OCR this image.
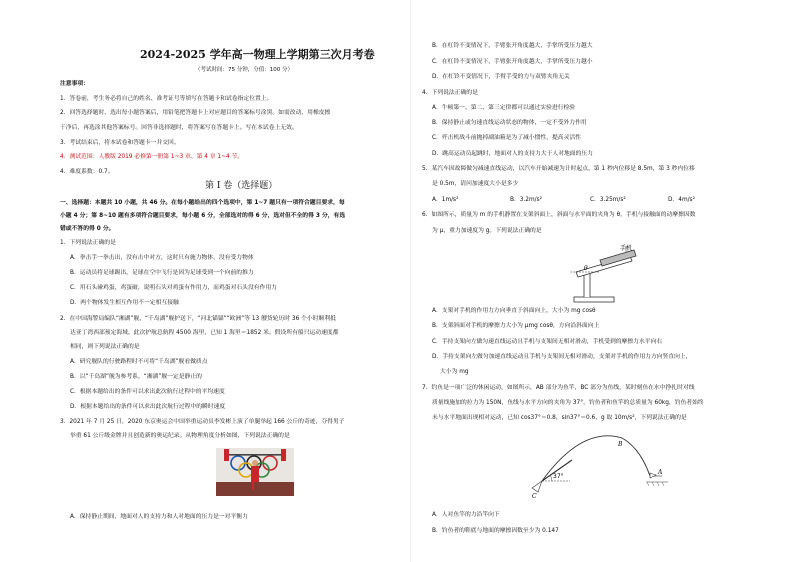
2024-2025 学年高一物理上学期第三次月考卷
（考试时间：75 分钟，分值：100 分）
注意事项：
1．答卷前，考生务必将自己的姓名、准考证号等填写在答题卡和试卷指定位置上。
2．回答选择题时，选出每小题答案后，用铅笔把答题卡上对应题目的答案标号涂黑。如需改动，用橡皮擦
干净后，再选涂其他答案标号。回答非选择题时，将答案写在答题卡上。写在本试卷上无效。
3．考试结束后，将本试卷和答题卡一并交回。
4．测试范围：人教版 2019 必修第一册第 1~3 章、第 4 章 1~4 节。
4．难度系数：0.7。
第 I 卷（选择题）
一、选择题：本题共 10 小题，共 46 分。在每小题给出的四个选项中，第 1~7 题只有一项符合题目要求，每
小题 4 分；第 8~10 题有多项符合题目要求，每小题 6 分，全部选对的得 6 分，选对但不全的得 3 分，有选
错或不答的得 0 分。
1．下列说法正确的是
A．拳击手一拳击出，没有击中对方，这时只有施力物体，没有受力物体
B．运动员将足球踢出，足球在空中飞行是因为足球受到一个向前的推力
C．用石头碰鸡蛋，鸡蛋破，说明石头对鸡蛋有作用力，而鸡蛋对石头没有作用力
D．两个物体发生相互作用不一定相互接触
2．在中国海警局编队“湘湖”舰、“千岛湖”舰护送下，“河北锚锚”“欧洲”等 13 艘货轮历时 36 个小时顺利抵
达亚丁湾西部预定海域。此次护航总航程 4500 海里，已知 1 海里＝1852 米。假设所有船只运动速度都
相同，则下列说法正确的是
A．研究舰队的行驶路程时不可将“千岛湖”舰看做质点
B．以“千岛湖”舰为参考系，“湘湖”舰一定是静止的
C．根据本题给出的条件可以求出此次航行过程中的平均速度
D．根据本题给出的条件可以求出此次航行过程中的瞬时速度
3．2021 年 7 月 25 日，2020 东京奥运会中国举重运动员李发彬上演了单腿举起 166 公斤的奇迹，夺得男子
举重 61 公斤级金牌并且创造新的奥运纪录。从物理角度分析如图，下列说法正确的是
A．保持静止期间，地面对人的支持力和人对地面的压力是一对平衡力
B．在杠铃不变情况下，手臂张开角度越大，手掌所受压力越大
C．在杠铃不变情况下，手臂张开角度越大，手掌所受压力越小
D．在杠铃不变情况下，手臂手受的力与双臂夹角无关
4．下列说法正确的是
A．牛顿第一、第二、第三定律都可以通过实验进行检验
B．保持静止或匀速直线运动状态的物体，一定不受外力作用
C．歼击机战斗前抛掉副油箱是为了减小惯性，提高灵活性
D．跳高运动员起跳时，地面对人的支持力大于人对地面的压力
5．某汽车因故障做匀减速直线运动，以汽车开始减速为计时起点，第 1 秒内位移是 8.5m，第 3 秒内位移
是 0.5m，请问加速度大小是多少
A．1m/s²	B．3.2m/s²	C．3.25m/s²	D．4m/s²
6．如图所示，质量为 m 的手机静置在支架斜面上，斜面与水平面的夹角为 θ，手机与接触面的动摩擦因数
为 μ，重力加速度为 g。下列说法正确的是
手机
θ
A．支架对手机的作用力方向垂直于斜面向上，大小为 mg cosθ
B．支架斜面对手机的摩擦力大小为 μmg cosθ，方向沿斜面向上
C．手持支架向左做匀速直线运动且手机与支架间无相对滑动，手机受到的摩擦力水平向右
D．手持支架向左做匀加速直线运动且手机与支架间无相对滑动，支架对手机的作用力方向竖直向上，
大小为 mg
7．钓鱼是一项广泛的休闲运动，如图所示，AB 部分为鱼竿，BC 部分为鱼线，某时刻鱼在水中挣扎时对线
质量线施加的拉力为 150N，鱼线与水平方向的夹角为 37°，钓鱼者和鱼竿的总质量为 60kg，钓鱼者始终
未与水平地面出现相对运动，已知 cos37°＝0.8，sin37°＝0.6，g 取 10m/s²，下列说法正确的是
37°
C
B
A
A．人对鱼竿的力沿竿向下
B．钓鱼者的鞋底与地面的摩擦因数至少为 0.147
